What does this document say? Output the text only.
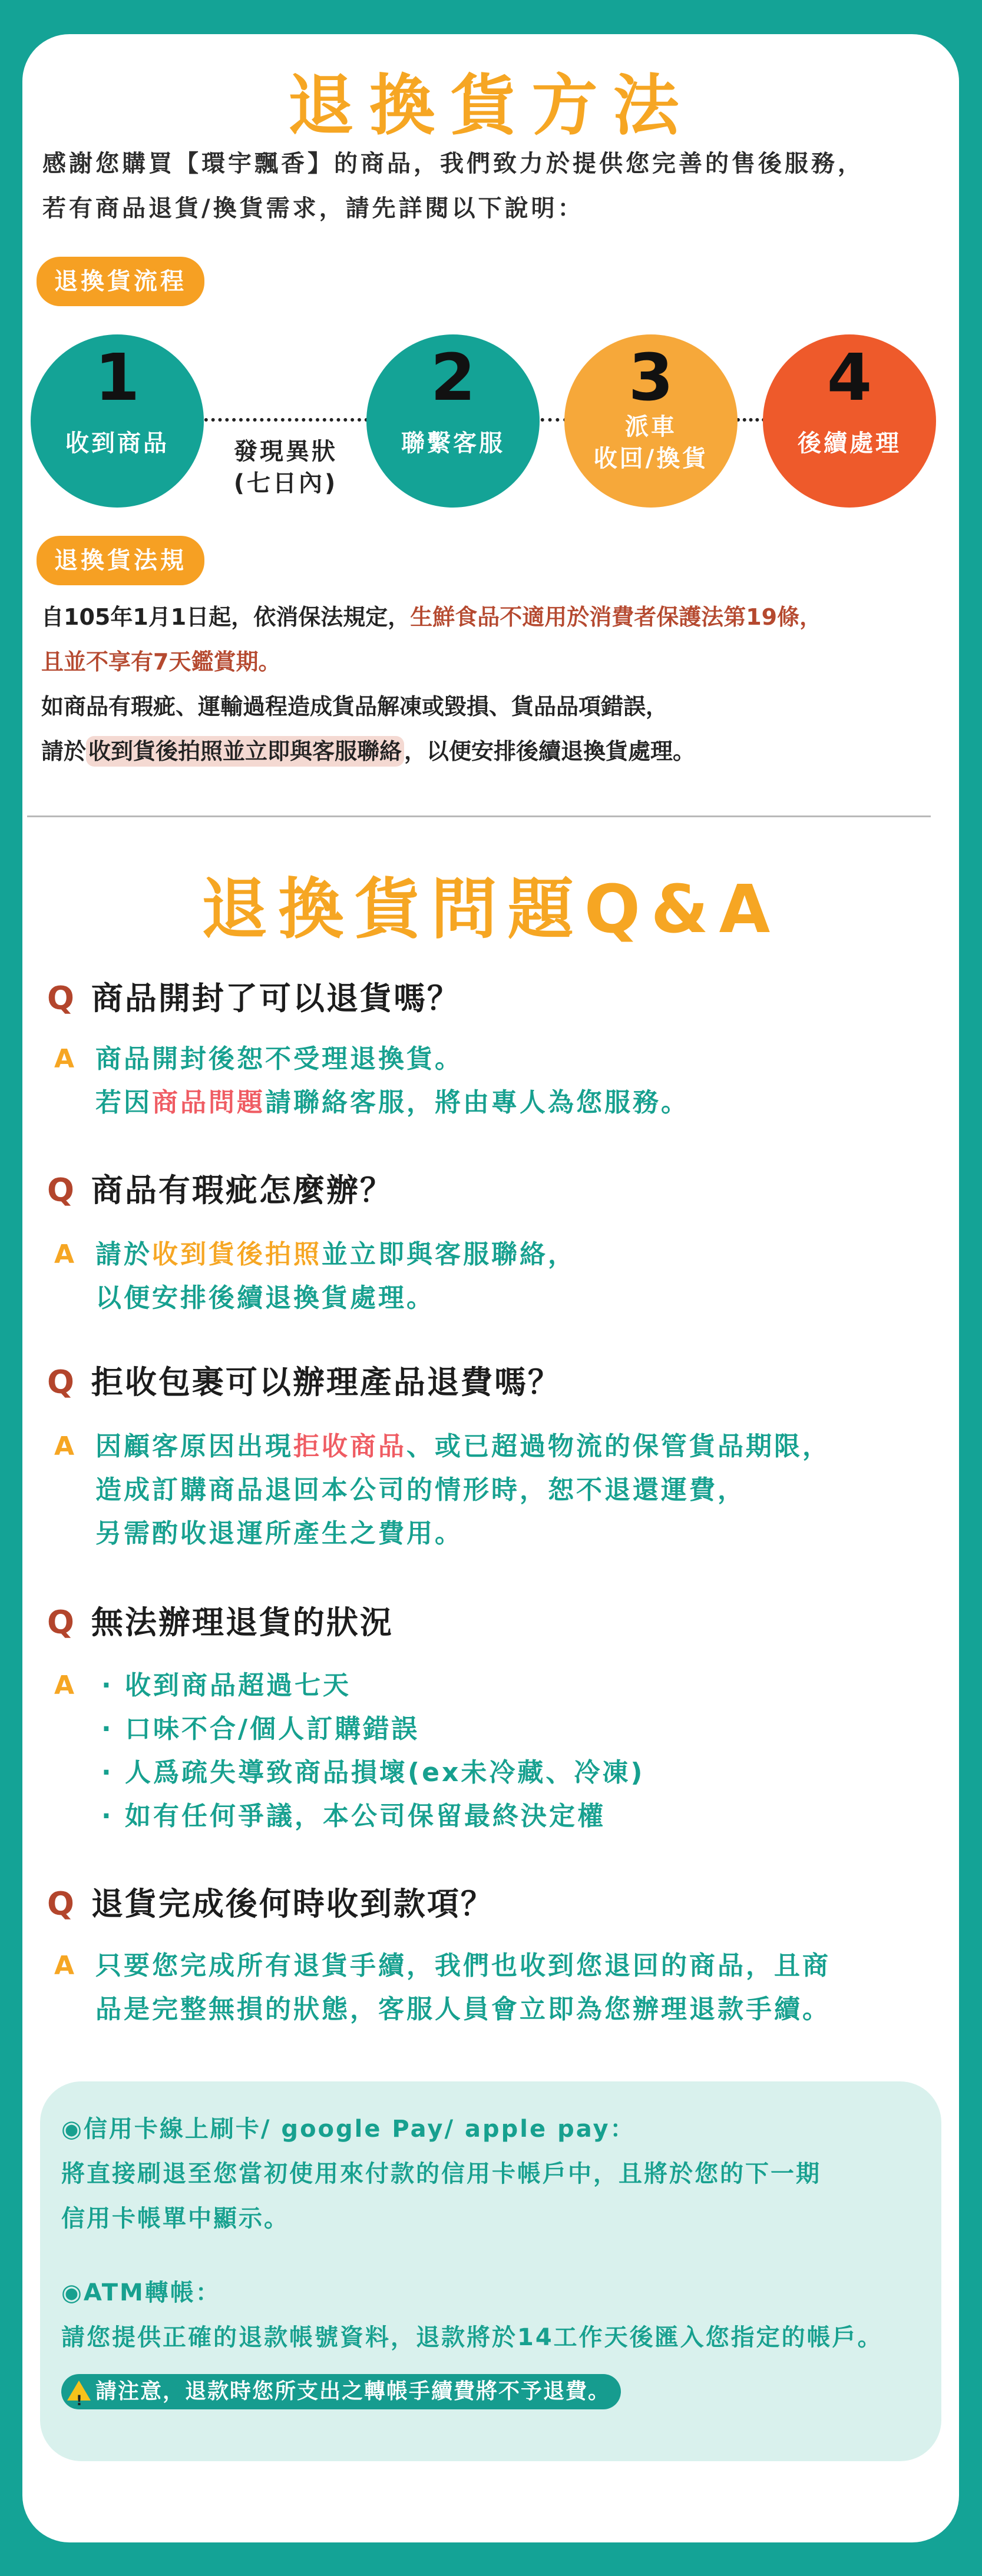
退換貨方法
感謝您購買【環宇飄香】的商品，我們致力於提供您完善的售後服務，
若有商品退貨/換貨需求，請先詳閱以下說明：
退換貨流程
1
收到商品	發現異狀
(七日內)
2
聯繫客服
3
派車
收回/換貨
4
後續處理
退換貨法規
自105年1月1日起，依消保法規定，生鮮食品不適用於消費者保護法第19條，
且並不享有7天鑑賞期。
如商品有瑕疵、運輸過程造成貨品解凍或毀損、貨品品項錯誤，
請於 收到貨後拍照並立即與客服聯絡 ，以便安排後續退換貨處理。
退換貨問題Q&A
Q 商品開封了可以退貨嗎？
A 商品開封後恕不受理退換貨。
若因商品問題請聯絡客服，將由專人為您服務。
Q 商品有瑕疵怎麼辦？
A 請於收到貨後拍照並立即與客服聯絡，
以便安排後續退換貨處理。
Q 拒收包裹可以辦理產品退費嗎？
A 因顧客原因出現拒收商品、或已超過物流的保管貨品期限，
造成訂購商品退回本公司的情形時，恕不退還運費，
另需酌收退運所產生之費用。
Q 無法辦理退貨的狀況
A · 收到商品超過七天
· 口味不合/個人訂購錯誤
· 人爲疏失導致商品損壞(ex未冷藏、冷凍)
· 如有任何爭議，本公司保留最終決定權
Q 退貨完成後何時收到款項？
A 只要您完成所有退貨手續，我們也收到您退回的商品，且商
品是完整無損的狀態，客服人員會立即為您辦理退款手續。
◉信用卡線上刷卡/ google Pay/ apple pay：
將直接刷退至您當初使用來付款的信用卡帳戶中，且將於您的下一期
信用卡帳單中顯示。
◉ATM轉帳：
請您提供正確的退款帳號資料，退款將於14工作天後匯入您指定的帳戶。
!請注意，退款時您所支出之轉帳手續費將不予退費。
